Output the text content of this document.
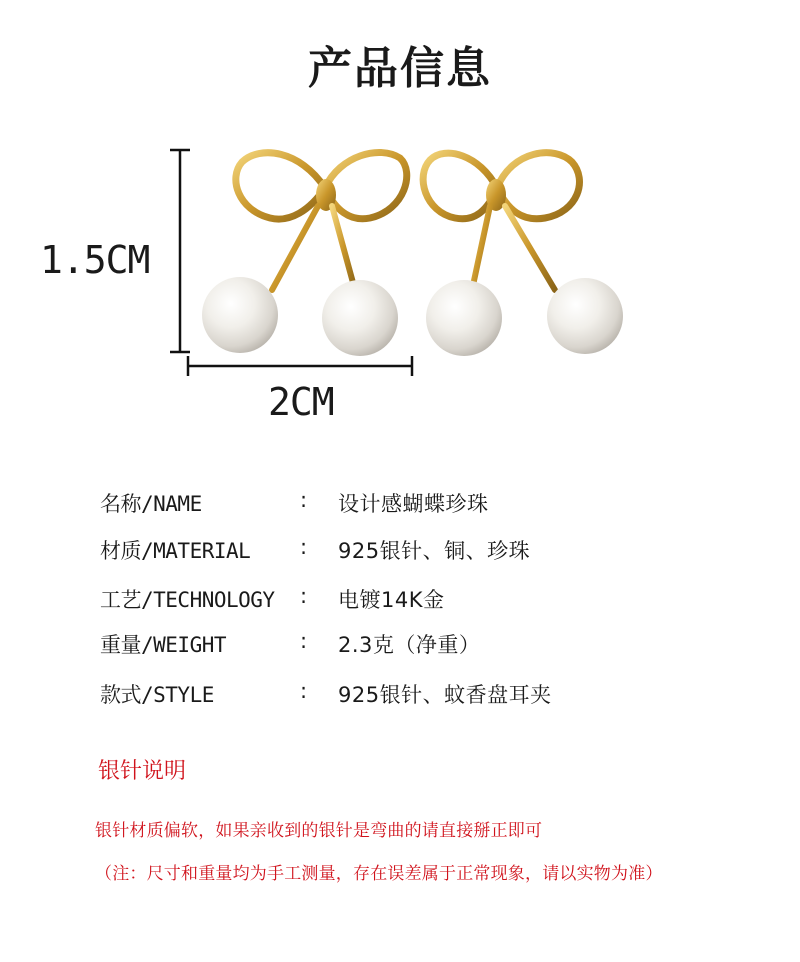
产品信息
1.5CM
2CM
名称/NAME	: 设计感蝴蝶珍珠
材质/MATERIAL : 925银针、铜、珍珠
工艺/TECHNOLOGY : 电镀14K金
重量/WEIGHT	: 2.3克（净重）
款式/STYLE	: 925银针、蚊香盘耳夹
银针说明
银针材质偏软，如果亲收到的银针是弯曲的请直接掰正即可
（注：尺寸和重量均为手工测量，存在误差属于正常现象，请以实物为准）
